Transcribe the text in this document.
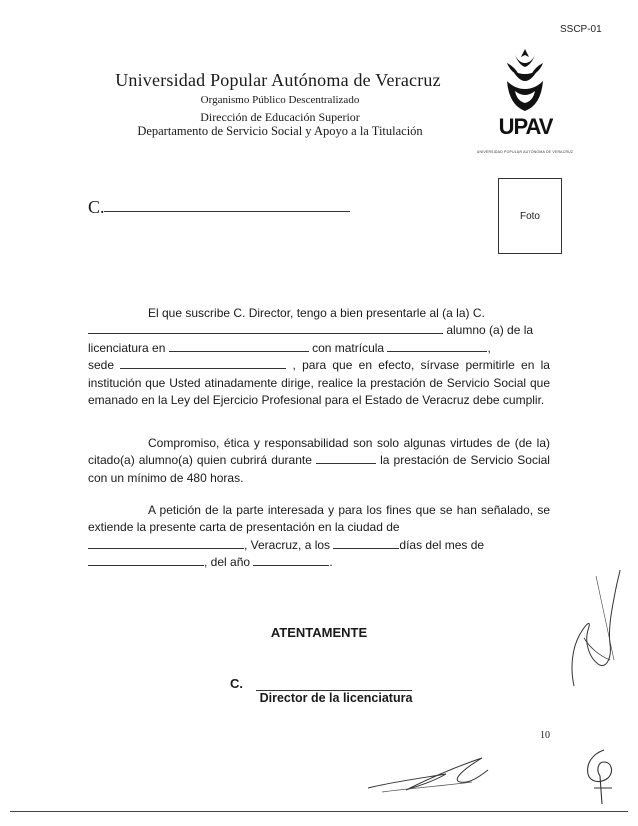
SSCP-01
Universidad Popular Autónoma de Veracruz
Organismo Público Descentralizado
Dirección de Educación Superior
Departamento de Servicio Social y Apoyo a la Titulación	UPAV
UNIVERSIDAD POPULAR AUTÓNOMA DE VERACRUZ
C.	Foto
El que suscribe C. Director, tengo a bien presentarle al (a la) C.
alumno (a) de la
licenciatura en	con matrícula	,
sede	, para que en efecto, sírvase permitirle en la institución que Usted atinadamente dirige, realice la prestación de Servicio Social que emanado en la Ley del Ejercicio Profesional para el Estado de Veracruz debe cumplir.
Compromiso, ética y responsabilidad son solo algunas virtudes de (de la) citado(a) alumno(a) quien cubrirá durante	la prestación de Servicio Social con un mínimo de 480 horas.
A petición de la parte interesada y para los fines que se han señalado, se extiende la presente carta de presentación en la ciudad de
, Veracruz, a los	días del mes de
, del año	.
ATENTAMENTE
C.
Director de la licenciatura
10
